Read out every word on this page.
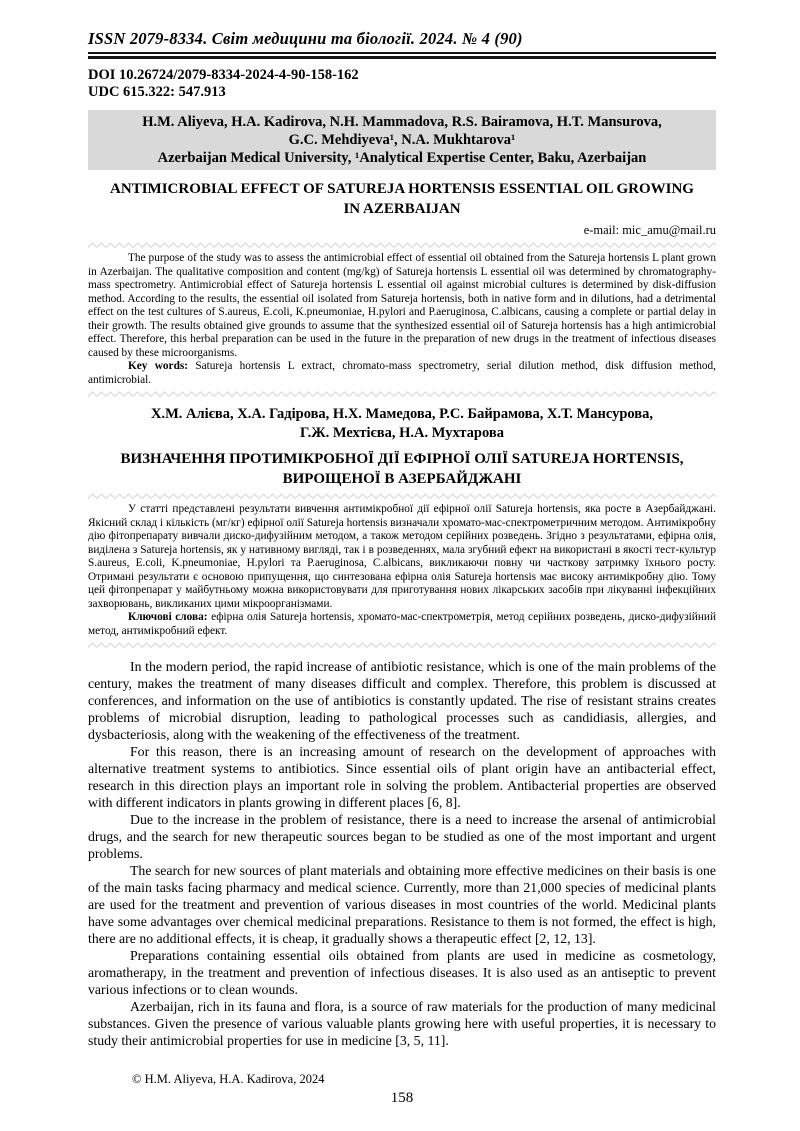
ISSN 2079-8334. Світ медицини та біології. 2024. № 4 (90)
DOI 10.26724/2079-8334-2024-4-90-158-162
UDC 615.322: 547.913
H.M. Aliyeva, H.A. Kadirova, N.H. Mammadova, R.S. Bairamova, H.T. Mansurova,
G.C. Mehdiyeva¹, N.A. Mukhtarova¹
Azerbaijan Medical University, ¹Analytical Expertise Center, Baku, Azerbaijan
ANTIMICROBIAL EFFECT OF SATUREJA HORTENSIS ESSENTIAL OIL GROWING
IN AZERBAIJAN
e-mail: mic_amu@mail.ru

The purpose of the study was to assess the antimicrobial effect of essential oil obtained from the Satureja hortensis L plant grown in Azerbaijan. The qualitative composition and content (mg/kg) of Satureja hortensis L essential oil was determined by chromatography-mass spectrometry. Antimicrobial effect of Satureja hortensis L essential oil against microbial cultures is determined by disk-diffusion method. According to the results, the essential oil isolated from Satureja hortensis, both in native form and in dilutions, had a detrimental effect on the test cultures of S.aureus, E.coli, K.pneumoniae, H.pylori and P.aeruginosa, C.albicans, causing a complete or partial delay in their growth. The results obtained give grounds to assume that the synthesized essential oil of Satureja hortensis has a high antimicrobial effect. Therefore, this herbal preparation can be used in the future in the preparation of new drugs in the treatment of infectious diseases caused by these microorganisms.

Key words: Satureja hortensis L extract, chromato-mass spectrometry, serial dilution method, disk diffusion method, antimicrobial.

Х.М. Алієва, Х.А. Гадірова, Н.Х. Мамедова, Р.С. Байрамова, Х.Т. Мансурова,
Г.Ж. Мехтієва, Н.А. Мухтарова
ВИЗНАЧЕННЯ ПРОТИМІКРОБНОЇ ДІЇ ЕФІРНОЇ ОЛІЇ SATUREJA HORTENSIS,
ВИРОЩЕНОЇ В АЗЕРБАЙДЖАНІ

У статті представлені результати вивчення антимікробної дії ефірної олії Satureja hortensis, яка росте в Азербайджані. Якісний склад і кількість (мг/кг) ефірної олії Satureja hortensis визначали хромато-мас-спектрометричним методом. Антимікробну дію фітопрепарату вивчали диско-дифузійним методом, а також методом серійних розведень. Згідно з результатами, ефірна олія, виділена з Satureja hortensis, як у нативному вигляді, так і в розведеннях, мала згубний ефект на використані в якості тест-культур S.aureus, E.coli, K.pneumoniae, H.pylori та P.aeruginosa, C.albicans, викликаючи повну чи часткову затримку їхнього росту. Отримані результати є основою припущення, що синтезована ефірна олія Satureja hortensis має високу антимікробну дію. Тому цей фітопрепарат у майбутньому можна використовувати для приготування нових лікарських засобів при лікуванні інфекційних захворювань, викликаних цими мікроорганізмами.

Ключові слова: ефірна олія Satureja hortensis, хромато-мас-спектрометрія, метод серійних розведень, диско-дифузійний метод, антимікробний ефект.

In the modern period, the rapid increase of antibiotic resistance, which is one of the main problems of the century, makes the treatment of many diseases difficult and complex. Therefore, this problem is discussed at conferences, and information on the use of antibiotics is constantly updated. The rise of resistant strains creates problems of microbial disruption, leading to pathological processes such as candidiasis, allergies, and dysbacteriosis, along with the weakening of the effectiveness of the treatment.

For this reason, there is an increasing amount of research on the development of approaches with alternative treatment systems to antibiotics. Since essential oils of plant origin have an antibacterial effect, research in this direction plays an important role in solving the problem. Antibacterial properties are observed with different indicators in plants growing in different places [6, 8].

Due to the increase in the problem of resistance, there is a need to increase the arsenal of antimicrobial drugs, and the search for new therapeutic sources began to be studied as one of the most important and urgent problems.

The search for new sources of plant materials and obtaining more effective medicines on their basis is one of the main tasks facing pharmacy and medical science. Currently, more than 21,000 species of medicinal plants are used for the treatment and prevention of various diseases in most countries of the world. Medicinal plants have some advantages over chemical medicinal preparations. Resistance to them is not formed, the effect is high, there are no additional effects, it is cheap, it gradually shows a therapeutic effect [2, 12, 13].

Preparations containing essential oils obtained from plants are used in medicine as cosmetology, aromatherapy, in the treatment and prevention of infectious diseases. It is also used as an antiseptic to prevent various infections or to clean wounds.

Azerbaijan, rich in its fauna and flora, is a source of raw materials for the production of many medicinal substances. Given the presence of various valuable plants growing here with useful properties, it is necessary to study their antimicrobial properties for use in medicine [3, 5, 11].

© H.M. Aliyeva, H.A. Kadirova, 2024
158
